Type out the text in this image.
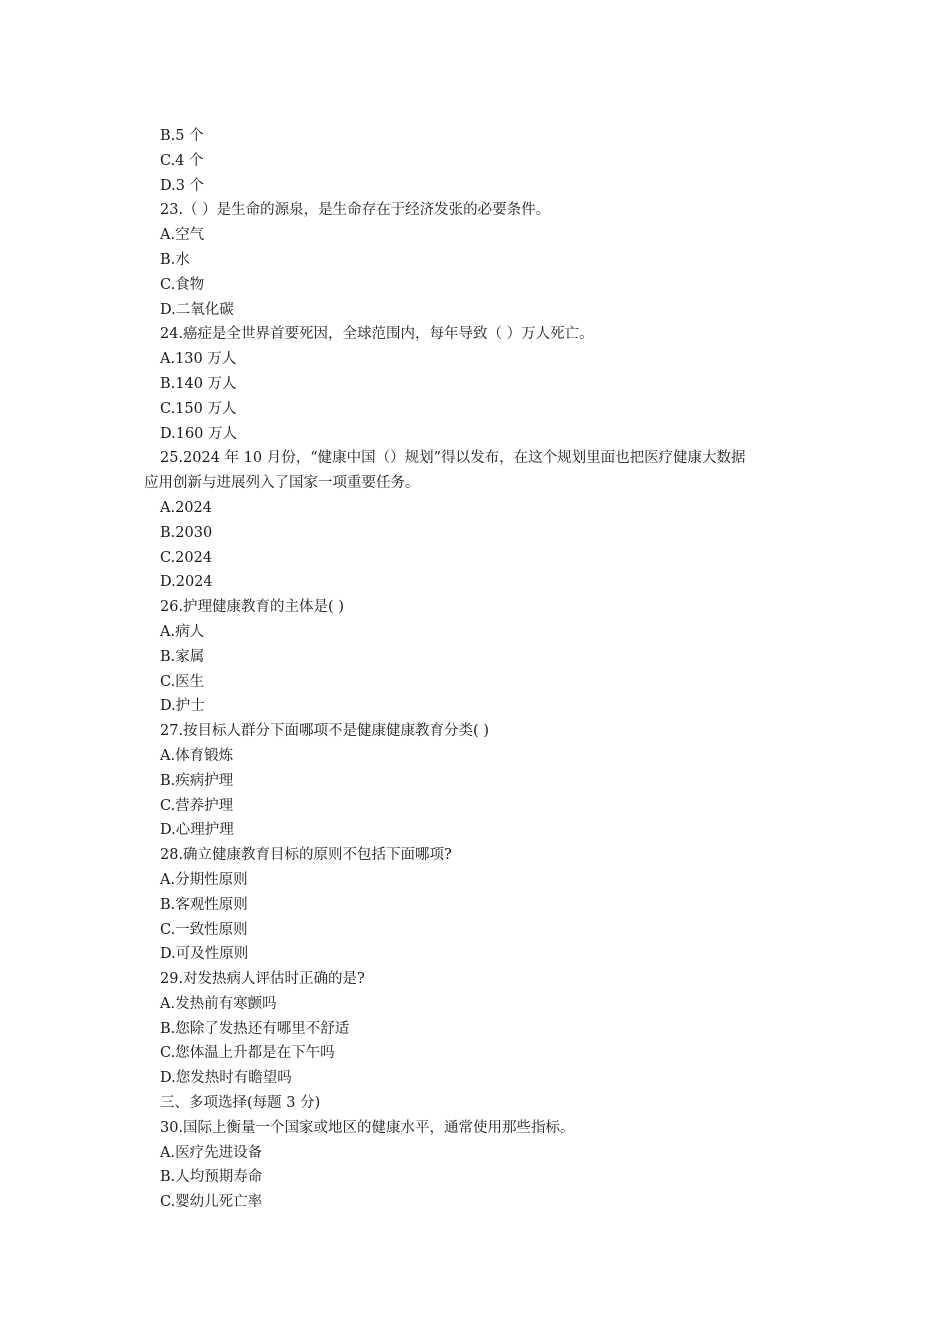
B.5 个
C.4 个
D.3 个
23.（ ）是生命的源泉，是生命存在于经济发张的必要条件。
A.空气
B.水
C.食物
D.二氧化碳
24.癌症是全世界首要死因，全球范围内，每年导致（ ）万人死亡。
A.130 万人
B.140 万人
C.150 万人
D.160 万人
25.2024 年 10 月份，“健康中国（）规划”得以发布，在这个规划里面也把医疗健康大数据
应用创新与进展列入了国家一项重要任务。
A.2024
B.2030
C.2024
D.2024
26.护理健康教育的主体是( )
A.病人
B.家属
C.医生
D.护士
27.按目标人群分下面哪项不是健康健康教育分类( )
A.体育锻炼
B.疾病护理
C.营养护理
D.心理护理
28.确立健康教育目标的原则不包括下面哪项?
A.分期性原则
B.客观性原则
C.一致性原则
D.可及性原则
29.对发热病人评估时正确的是?
A.发热前有寒颤吗
B.您除了发热还有哪里不舒适
C.您体温上升都是在下午吗
D.您发热时有瞻望吗
三、多项选择(每题 3 分)
30.国际上衡量一个国家或地区的健康水平，通常使用那些指标。
A.医疗先进设备
B.人均预期寿命
C.婴幼儿死亡率
